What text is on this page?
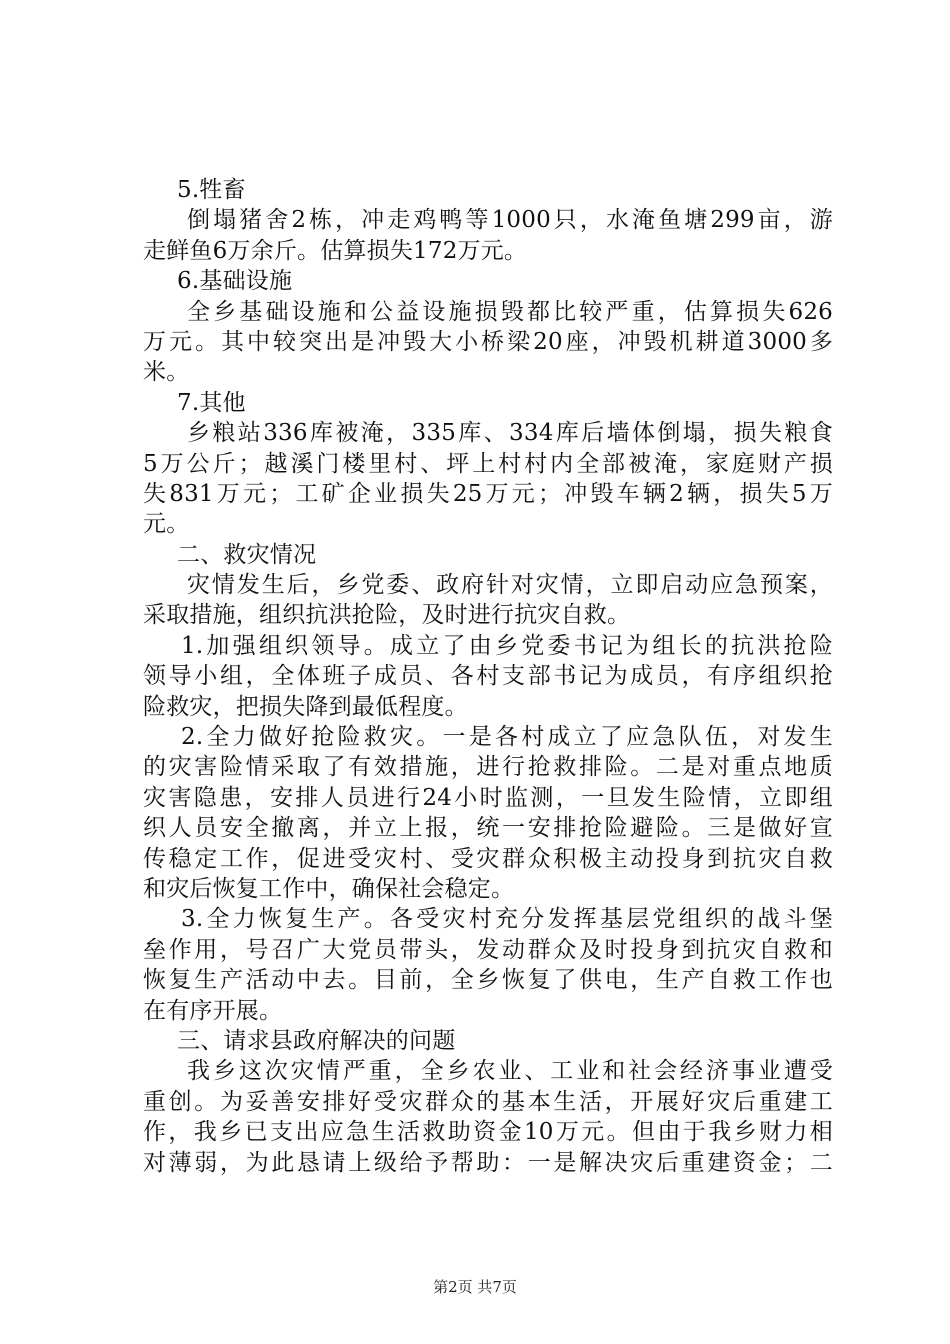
5.牲畜
倒塌猪舍2栋，冲走鸡鸭等1000只，水淹鱼塘299亩，游
走鲜鱼6万余斤。估算损失172万元。
6.基础设施
全乡基础设施和公益设施损毁都比较严重，估算损失626
万元。其中较突出是冲毁大小桥梁20座，冲毁机耕道3000多
米。
7.其他
乡粮站336库被淹，335库、334库后墙体倒塌，损失粮食
5万公斤；越溪门楼里村、坪上村村内全部被淹，家庭财产损
失831万元；工矿企业损失25万元；冲毁车辆2辆，损失5万
元。
二、救灾情况
灾情发生后，乡党委、政府针对灾情，立即启动应急预案，
采取措施，组织抗洪抢险，及时进行抗灾自救。
1.加强组织领导。成立了由乡党委书记为组长的抗洪抢险
领导小组，全体班子成员、各村支部书记为成员，有序组织抢
险救灾，把损失降到最低程度。
2.全力做好抢险救灾。一是各村成立了应急队伍，对发生
的灾害险情采取了有效措施，进行抢救排险。二是对重点地质
灾害隐患，安排人员进行24小时监测，一旦发生险情，立即组
织人员安全撤离，并立上报，统一安排抢险避险。三是做好宣
传稳定工作，促进受灾村、受灾群众积极主动投身到抗灾自救
和灾后恢复工作中，确保社会稳定。
3.全力恢复生产。各受灾村充分发挥基层党组织的战斗堡
垒作用，号召广大党员带头，发动群众及时投身到抗灾自救和
恢复生产活动中去。目前，全乡恢复了供电，生产自救工作也
在有序开展。
三、请求县政府解决的问题
我乡这次灾情严重，全乡农业、工业和社会经济事业遭受
重创。为妥善安排好受灾群众的基本生活，开展好灾后重建工
作，我乡已支出应急生活救助资金10万元。但由于我乡财力相
对薄弱，为此恳请上级给予帮助：一是解决灾后重建资金；二
第2页 共7页
